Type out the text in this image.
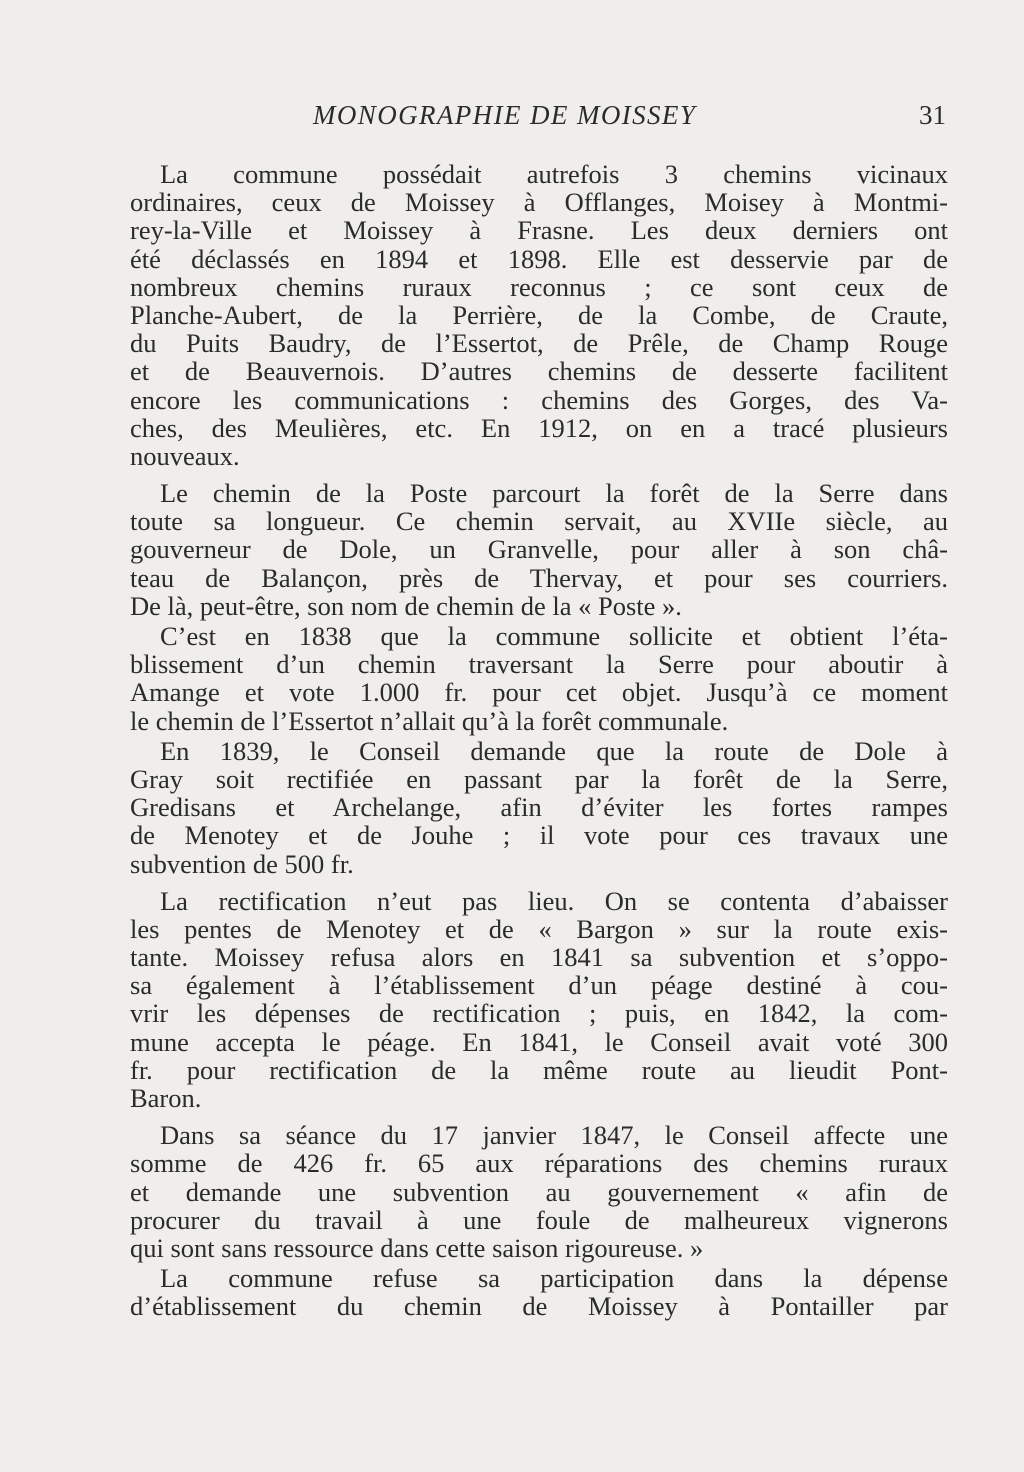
MONOGRAPHIE DE MOISSEY	31
La commune possédait autrefois 3 chemins vicinaux
ordinaires, ceux de Moissey à Offlanges, Moisey à Montmi-
rey-la-Ville et Moissey à Frasne. Les deux derniers ont
été déclassés en 1894 et 1898. Elle est desservie par de
nombreux chemins ruraux reconnus ; ce sont ceux de
Planche-Aubert, de la Perrière, de la Combe, de Craute,
du Puits Baudry, de l’Essertot, de Prêle, de Champ Rouge
et de Beauvernois. D’autres chemins de desserte facilitent
encore les communications : chemins des Gorges, des Va-
ches, des Meulières, etc. En 1912, on en a tracé plusieurs
nouveaux.
Le chemin de la Poste parcourt la forêt de la Serre dans
toute sa longueur. Ce chemin servait, au XVIIe siècle, au
gouverneur de Dole, un Granvelle, pour aller à son châ-
teau de Balançon, près de Thervay, et pour ses courriers.
De là, peut-être, son nom de chemin de la « Poste ».
C’est en 1838 que la commune sollicite et obtient l’éta-
blissement d’un chemin traversant la Serre pour aboutir à
Amange et vote 1.000 fr. pour cet objet. Jusqu’à ce moment
le chemin de l’Essertot n’allait qu’à la forêt communale.
En 1839, le Conseil demande que la route de Dole à
Gray soit rectifiée en passant par la forêt de la Serre,
Gredisans et Archelange, afin d’éviter les fortes rampes
de Menotey et de Jouhe ; il vote pour ces travaux une
subvention de 500 fr.
La rectification n’eut pas lieu. On se contenta d’abaisser
les pentes de Menotey et de « Bargon » sur la route exis-
tante. Moissey refusa alors en 1841 sa subvention et s’oppo-
sa également à l’établissement d’un péage destiné à cou-
vrir les dépenses de rectification ; puis, en 1842, la com-
mune accepta le péage. En 1841, le Conseil avait voté 300
fr. pour rectification de la même route au lieudit Pont-
Baron.
Dans sa séance du 17 janvier 1847, le Conseil affecte une
somme de 426 fr. 65 aux réparations des chemins ruraux
et demande une subvention au gouvernement « afin de
procurer du travail à une foule de malheureux vignerons
qui sont sans ressource dans cette saison rigoureuse. »
La commune refuse sa participation dans la dépense
d’établissement du chemin de Moissey à Pontailler par
